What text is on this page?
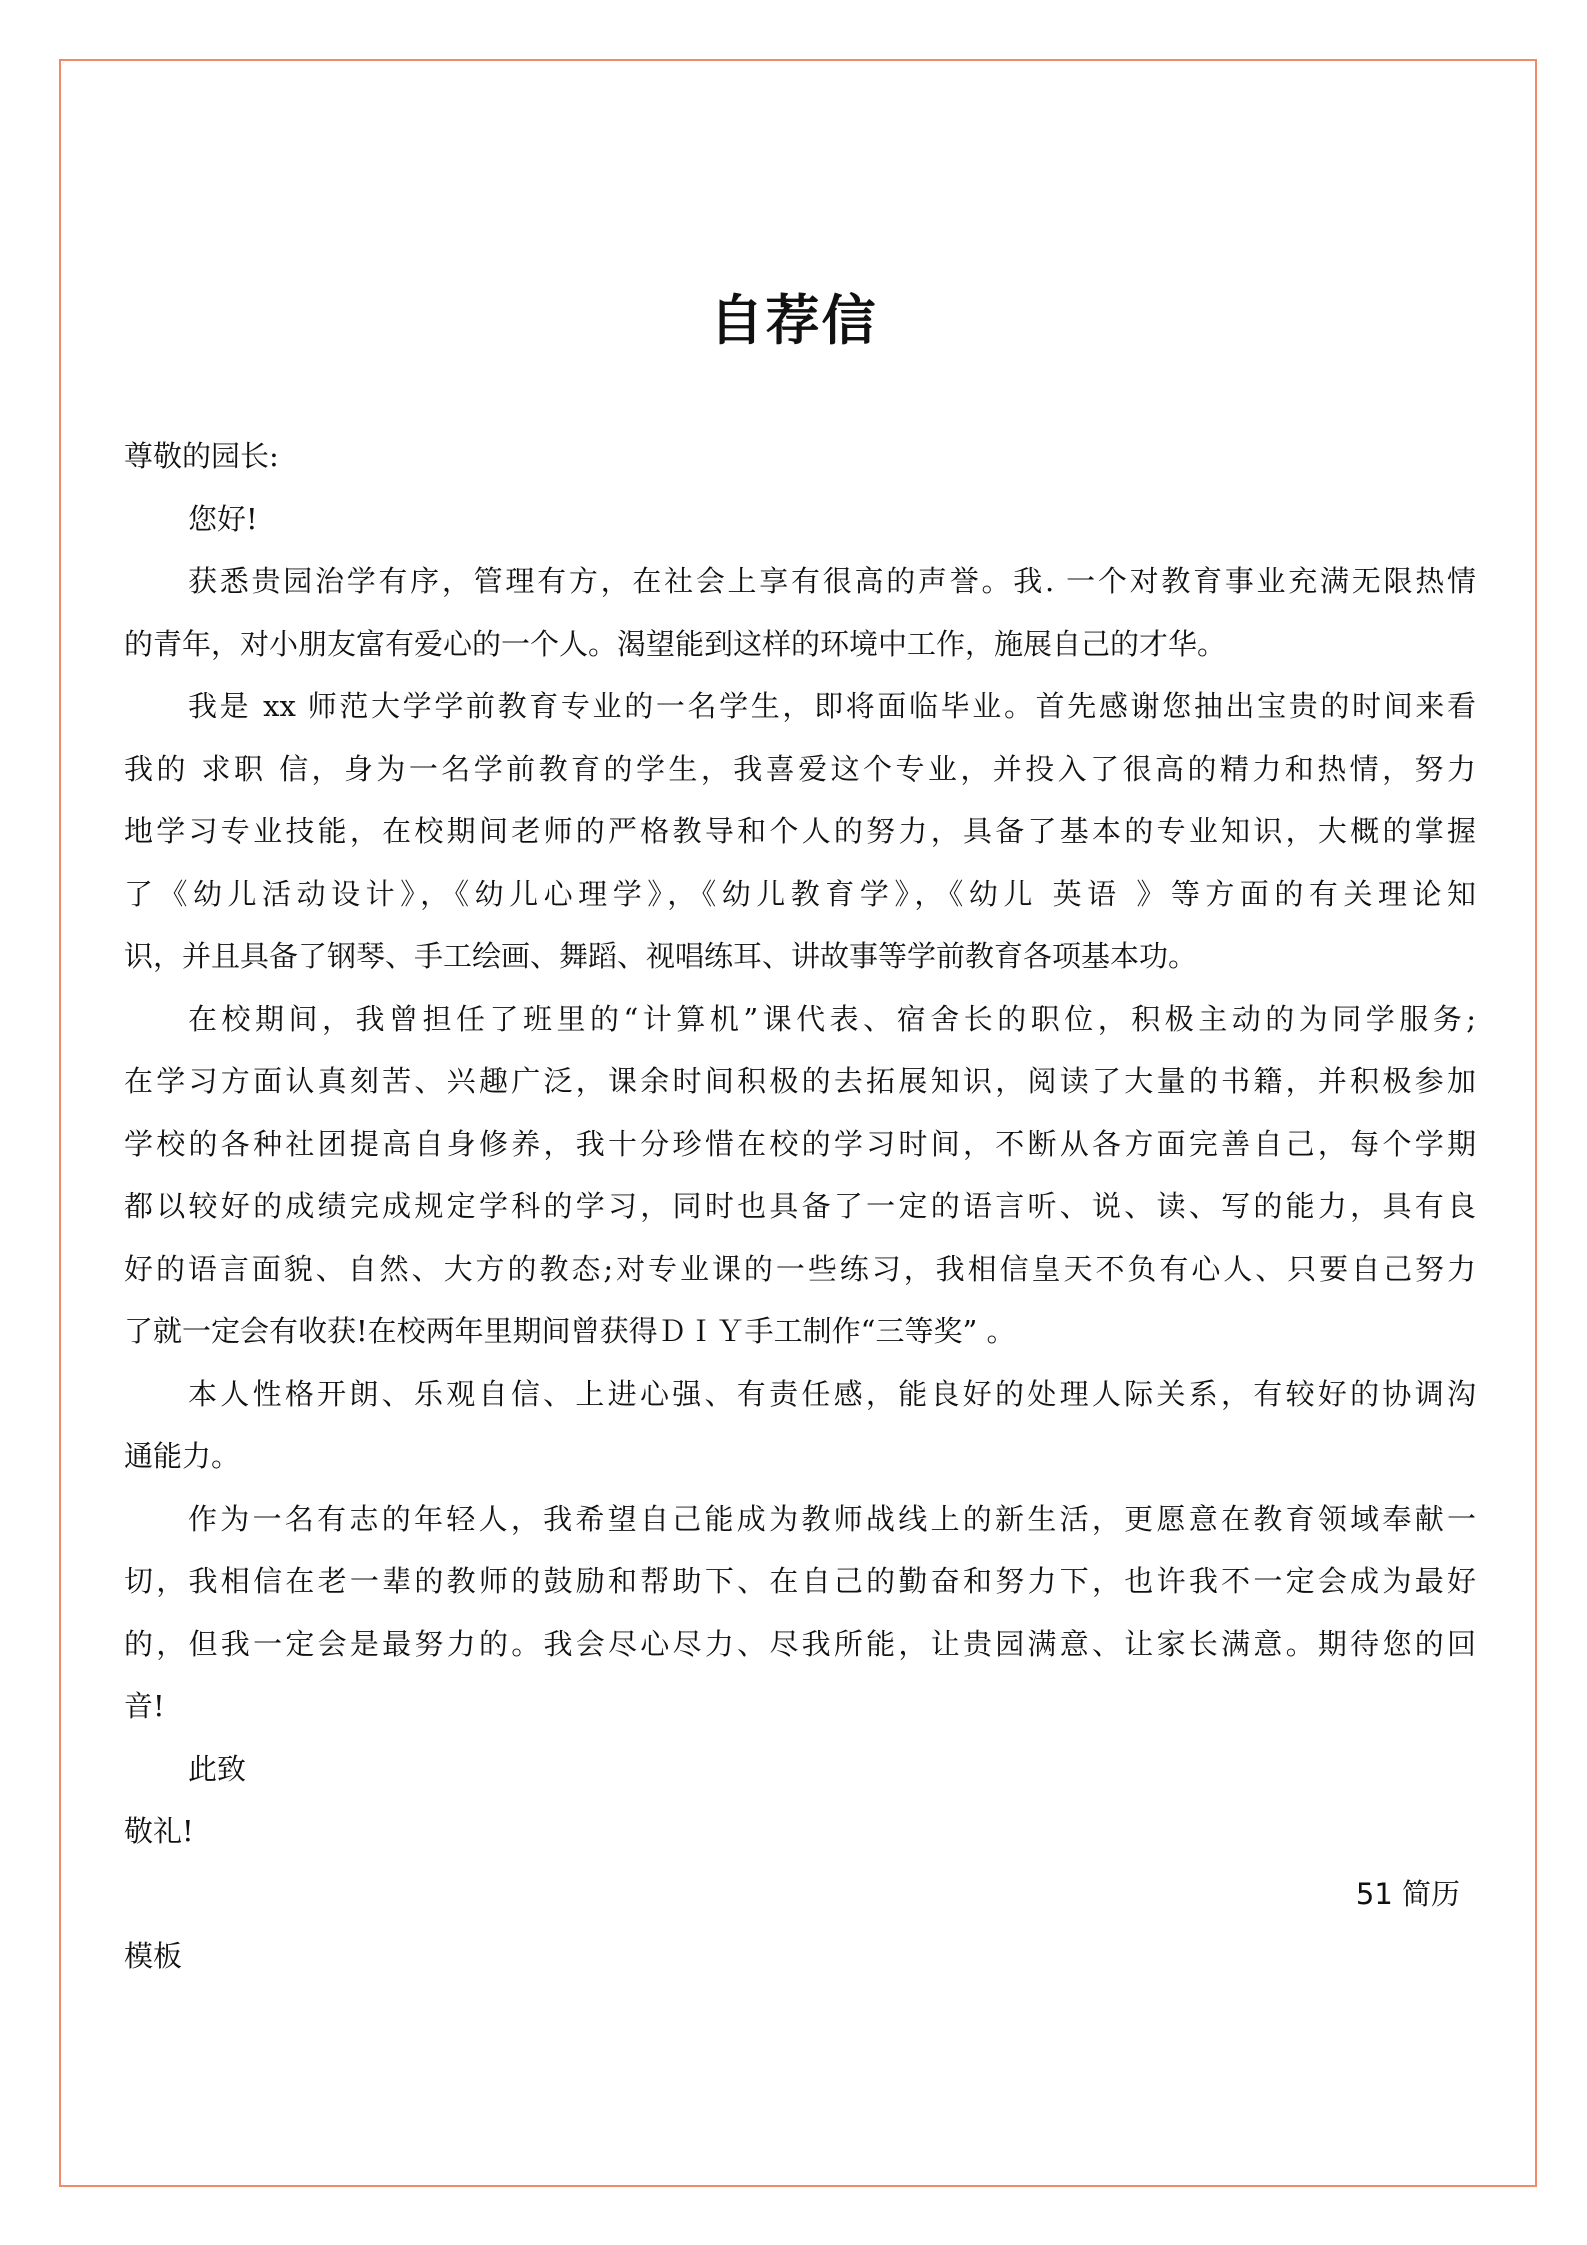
自荐信
尊敬的园长:
您好!
获悉贵园治学有序，管理有方，在社会上享有很高的声誉。我. 一个对教育事业充满无限热情
的青年，对小朋友富有爱心的一个人。渴望能到这样的环境中工作，施展自己的才华。
我是 xx 师范大学学前教育专业的一名学生，即将面临毕业。首先感谢您抽出宝贵的时间来看
我的 求职 信，身为一名学前教育的学生，我喜爱这个专业，并投入了很高的精力和热情，努力
地学习专业技能，在校期间老师的严格教导和个人的努力，具备了基本的专业知识，大概的掌握
了《幼儿活动设计》，《幼儿心理学》，《幼儿教育学》，《幼儿 英语 》等方面的有关理论知
识，并且具备了钢琴、手工绘画、舞蹈、视唱练耳、讲故事等学前教育各项基本功。
在校期间，我曾担任了班里的“计算机”课代表、宿舍长的职位，积极主动的为同学服务;
在学习方面认真刻苦、兴趣广泛，课余时间积极的去拓展知识，阅读了大量的书籍，并积极参加
学校的各种社团提高自身修养，我十分珍惜在校的学习时间，不断从各方面完善自己，每个学期
都以较好的成绩完成规定学科的学习，同时也具备了一定的语言听、说、读、写的能力，具有良
好的语言面貌、自然、大方的教态;对专业课的一些练习，我相信皇天不负有心人、只要自己努力
了就一定会有收获!在校两年里期间曾获得ＤＩＹ手工制作“三等奖” 。
本人性格开朗、乐观自信、上进心强、有责任感，能良好的处理人际关系，有较好的协调沟
通能力。
作为一名有志的年轻人，我希望自己能成为教师战线上的新生活，更愿意在教育领域奉献一
切，我相信在老一辈的教师的鼓励和帮助下、在自己的勤奋和努力下，也许我不一定会成为最好
的，但我一定会是最努力的。我会尽心尽力、尽我所能，让贵园满意、让家长满意。期待您的回
音!
此致
敬礼!
51 简历
模板
